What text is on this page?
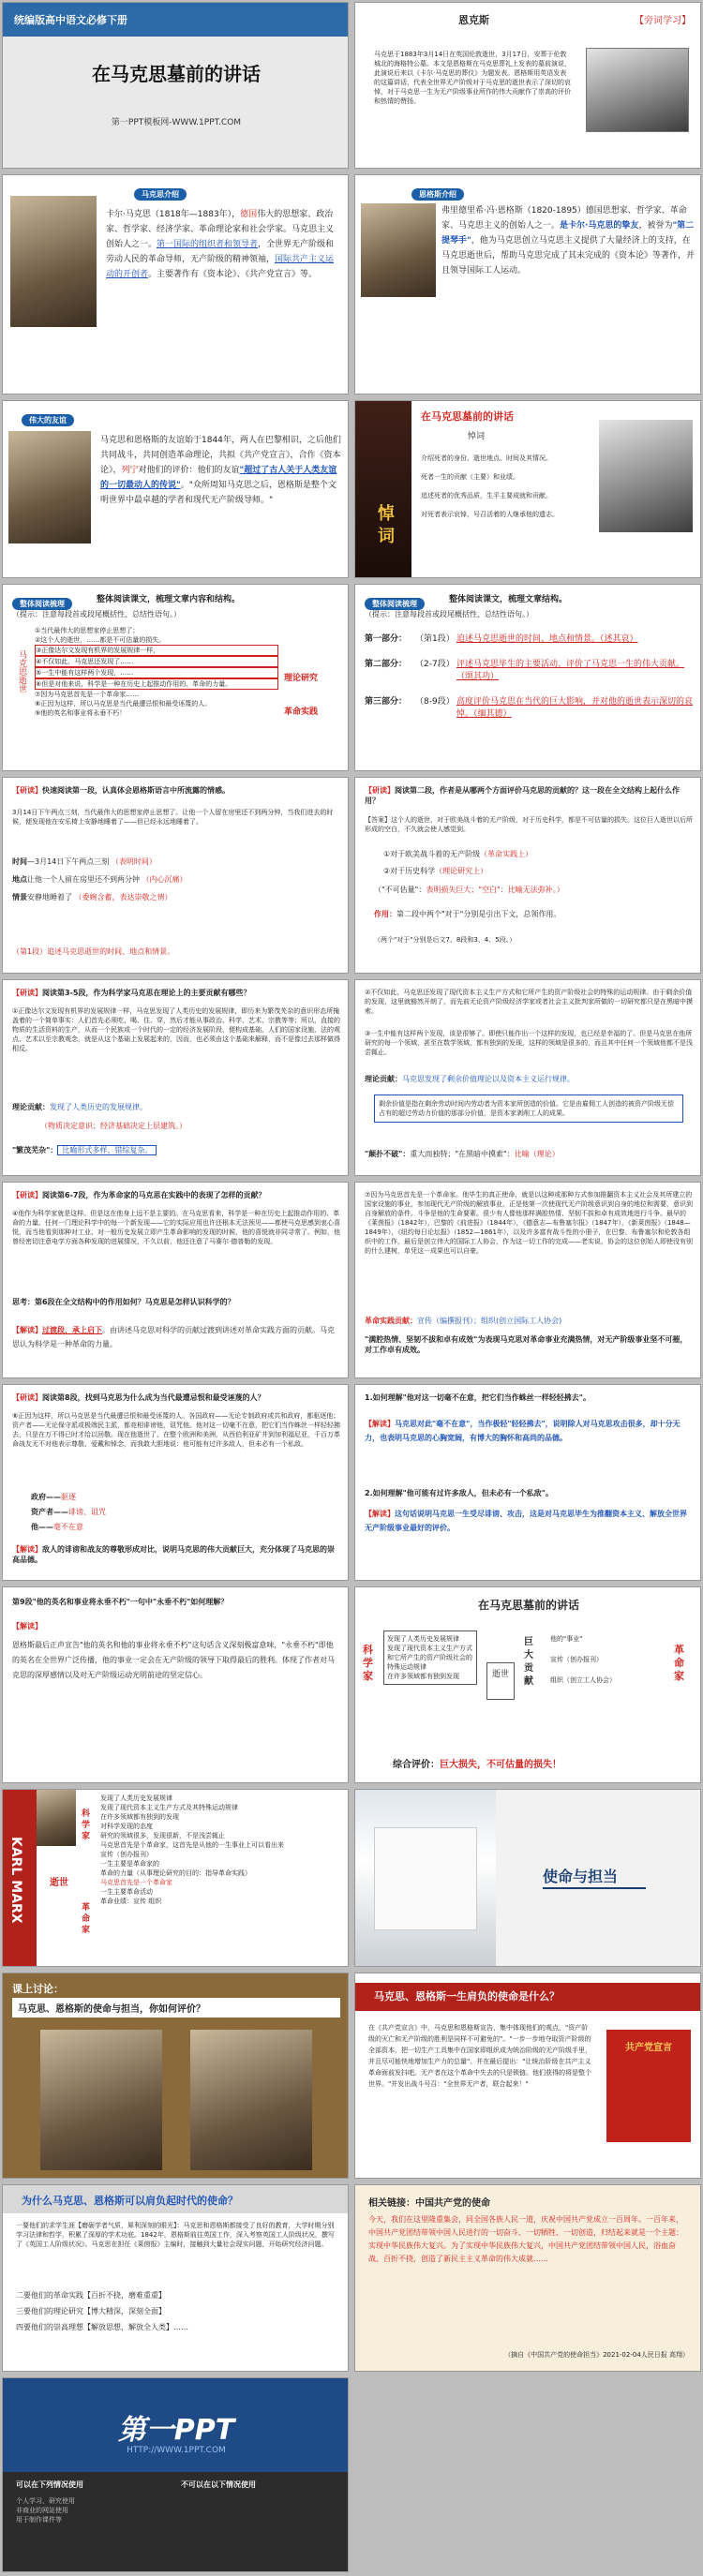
统编版高中语文必修下册
在马克思墓前的讲话
第一PPT模板网-WWW.1PPT.COM
恩克斯	【旁词学习】
马克思于1883年3月14日在英国伦敦逝世，3月17日，安葬于伦敦城北的海格特公墓。本文是恩格斯在马克思葬礼上发表的墓前演说，此演说后来以《卡尔·马克思的葬仪》为题发表。恩格斯用英语发表的这篇讲话，代表全世界无产阶级对于马克思的逝世表示了深切的哀悼，对于马克思一生为无产阶级事业所作的伟大贡献作了崇高的评价和热情的赞扬。
马克思介绍
卡尔·马克思（1818年—1883年），德国伟大的思想家、政治家、哲学家、经济学家、革命理论家和社会学家。马克思主义创始人之一。第一国际的组织者和领导者，全世界无产阶级和劳动人民的革命导师，无产阶级的精神领袖，国际共产主义运动的开创者。主要著作有《资本论》、《共产党宣言》等。
恩格斯介绍
弗里德里希·冯·恩格斯（1820-1895）德国思想家、哲学家、革命家、马克思主义的创始人之一。是卡尔·马克思的挚友，被誉为"第二提琴手"，他为马克思创立马克思主义提供了大量经济上的支持，在马克思逝世后，帮助马克思完成了其未完成的《资本论》等著作，并且领导国际工人运动。
伟大的友谊
马克思和恩格斯的友谊始于1844年，两人在巴黎相识，之后他们共同战斗，共同创造革命理论，共拟《共产党宣言》，合作《资本论》，列宁对他们的评价：他们的友谊"超过了古人关于人类友谊的一切最动人的传说"。"众所周知马克思之后，恩格斯是整个文明世界中最卓越的学者和现代无产阶级导师。"
悼 词
在马克思墓前的讲话
悼词
介绍死者的身份、逝世地点、时间及其情况。
死者一生的贡献（主要）和业绩。
追述死者的优秀品质，生平主要成就和贡献。
对死者表示哀悼，号召活着的人继承他的遗志。
整体阅读梳理	整体阅读课文，梳理文章内容和结构。
（提示：注意每段首或段尾概括性、总结性语句。）
马克思逝世
①当代最伟大的思想家停止思想了；
②这个人的逝世，……都是不可估量的损失。
③正像达尔文发现有机界的发展规律一样，
④不仅如此，马克思还发现了……
⑤一生中能有这样两个发现，……
⑥但是对他来说，科学是一种在历史上起推动作用的、革命的力量。
⑦因为马克思首先是一个革命家……
⑧正因为这样，所以马克思是当代最遭忌恨和最受诬蔑的人。
⑨他的英名和事业将永垂不朽！
理论研究
革命实践
整体阅读梳理	整体阅读课文，梳理文章结构。
（提示：注意每段首或段尾概括性、总结性语句。）
第一部分： （第1段） 追述马克思逝世的时间、地点和情景。（述其哀）
第二部分： （2-7段） 评述马克思毕生的主要活动、评价了马克思一生的伟大贡献。（颂其功）
第三部分： （8-9段） 高度评价马克思在当代的巨大影响，并对他的逝世表示深切的哀悼。（缅其德）
【研读】快速阅读第一段，认真体会恩格斯语言中所流露的情感。
3月14日下午两点三刻，当代最伟大的思想家停止思想了。让他一个人留在房里还不到两分钟，当我们进去的时候，便发现他在安乐椅上安静地睡着了——但已经永远地睡着了。
时间—3月14日下午两点三刻 （表明时间）
地点让他一个人留在房里还不到两分钟 （内心沉痛）
情景安静地睡着了 （委婉含蓄，表达崇敬之情）
（第1段）追述马克思逝世的时间、地点和情景。
【研读】阅读第二段，作者是从哪两个方面评价马克思的贡献的？这一段在全文结构上起什么作用？
【答案】这个人的逝世，对于欧美战斗着的无产阶级，对于历史科学，都是不可估量的损失。这位巨人逝世以后所形成的空白，不久就会使人感觉到。
①对于欧美战斗着的无产阶级（革命实践上）
②对于历史科学（理论研究上）
（"不可估量"：表明损失巨大；"空白"：比喻无法弥补。）
作用：第二段中两个"对于"分别是引出下文，总领作用。
（两个"对于"分别是后文7、8段和3、4、5段。）
【研读】阅读第3-5段，作为科学家马克思在理论上的主要贡献有哪些？
①正像达尔文发现有机界的发展规律一样，马克思发现了人类历史的发展规律，即历来为繁茂芜杂的意识形态所掩盖着的一个简单事实：人们首先必须吃、喝、住、穿，然后才能从事政治、科学、艺术、宗教等等；所以，直接的物质的生活资料的生产，从而一个民族或一个时代的一定的经济发展阶段，便构成基础，人们的国家设施、法的观点、艺术以至宗教观念，就是从这个基础上发展起来的，因而，也必须由这个基础来解释，而不是像过去那样做得相反。
理论贡献：发现了人类历史的发展规律。
（物质决定意识；经济基础决定上层建筑。）
"繁茂芜杂"： 比喻形式多样、错综复杂。
②不仅如此，马克思还发现了现代资本主义生产方式和它所产生的资产阶级社会的特殊的运动规律。由于剩余价值的发现，这里就豁然开朗了，而先前无论资产阶级经济学家或者社会主义批判家所做的一切研究都只是在黑暗中摸索。
③一生中能有这样两个发现，该是很够了。即使只能作出一个这样的发现，也已经是幸福的了。但是马克思在他所研究的每一个领域，甚至在数学领域，都有独到的发现，这样的领域是很多的，而且其中任何一个领域他都不是浅尝辄止。
理论贡献：马克思发现了剩余价值理论以及资本主义运行规律。
剩余价值是指在剩余劳动时间内劳动者为资本家所创造的价值。它是由雇佣工人创造的被资产阶级无偿占有的超过劳动力价值的那部分价值，是资本家剥削工人的成果。
"颠扑不破"：重大而独特；"在黑暗中摸索"：比喻（理论）
【研读】阅读第6-7段，作为革命家的马克思在实践中的表现了怎样的贡献？
④他作为科学家就是这样。但是这在他身上远不是主要的。在马克思看来，科学是一种在历史上起推动作用的、革命的力量。任何一门理论科学中的每一个新发现——它的实际应用也许还根本无法预见——都使马克思感到衷心喜悦，而当他看到那种对工业、对一般历史发展立即产生革命影响的发现的时候，他的喜悦就非同寻常了。例如，他曾经密切注意电学方面各种发现的进展情况，不久以前，他还注意了马赛尔·德普勒的发现。
思考：第6段在全文结构中的作用如何？马克思是怎样认识科学的？
【解读】过渡段，承上启下。由讲述马克思对科学的贡献过渡到讲述对革命实践方面的贡献。马克思认为科学是一种革命的力量。
⑦因为马克思首先是一个革命家。他毕生的真正使命，就是以这种或那种方式参加推翻资本主义社会及其所建立的国家设施的事业，参加现代无产阶级的解放事业，正是他第一次使现代无产阶级意识到自身的地位和需要，意识到自身解放的条件。斗争是他的生命要素。很少有人像他那样满腔热情、坚韧不拔和卓有成效地进行斗争。最早的《莱茵报》（1842年），巴黎的《前进报》（1844年），《德意志—布鲁塞尔报》（1847年），《新莱茵报》（1848—1849年），《纽约每日论坛报》（1852—1861年），以及许多富有战斗性的小册子，在巴黎、布鲁塞尔和伦敦各组织中的工作，最后是创立伟大的国际工人协会，作为这一切工作的完成——老实说，协会的这位创始人即使没有别的什么建树，单凭这一成果也可以自豪。
革命实践贡献：宣传（编撰报刊）；组织(创立国际工人协会)
"满腔热情、坚韧不拔和卓有成效"为表现马克思对革命事业充满热情，对无产阶级事业坚不可摧，对工作卓有成效。
【研读】阅读第8段，找到马克思为什么成为当代最遭忌恨和最受诬蔑的人？
⑧正因为这样，所以马克思是当代最遭忌恨和最受诬蔑的人。各国政府——无论专制政府或共和政府，都驱逐他；资产者——无论保守派或极端民主派，都竞相诽谤他，诅咒他。他对这一切毫不在意，把它们当作蛛丝一样轻轻拂去，只是在万不得已时才给以回敬。现在他逝世了，在整个欧洲和美洲，从西伯利亚矿井到加利福尼亚，千百万革命战友无不对他表示尊敬、爱戴和悼念，而我敢大胆地说：他可能有过许多敌人，但未必有一个私敌。
政府——驱逐
资产者——诽谤、诅咒
他——毫不在意
【解读】敌人的诽谤和战友的尊敬形成对比，说明马克思的伟大贡献巨大，充分体现了马克思的崇高品德。
1.如何理解"他对这一切毫不在意，把它们当作蛛丝一样轻轻拂去"。
【解读】马克思对此"毫不在意"，当作极轻"轻轻拂去"，说明除人对马克思攻击很多，却十分无力，也表明马克思的心胸宽阔，有博大的胸怀和高尚的品德。
2.如何理解"他可能有过许多敌人，但未必有一个私敌"。
【解读】这句话说明马克思一生受尽诽谤、攻击，这是对马克思毕生为推翻资本主义、解放全世界无产阶级事业最好的评价。
第9段"他的英名和事业将永垂不朽"一句中"永垂不朽"如何理解？
【解读】
恩格斯最后正声宣告"他的英名和他的事业将永垂不朽"这句话含义深刻极富意味，"永垂不朽"即他的英名在全世界广泛传播，他的事业一定会在无产阶级的领导下取得最后的胜利。体现了作者对马克思的深厚感情以及对无产阶级运动光明前途的坚定信心。
在马克思墓前的讲话
科学家
发现了人类历史发展规律
发现了现代资本主义生产方式和它所产生的资产阶级社会的特殊运动规律
在许多领域都有独到发现	逝世
巨大贡献
他的"事业"
宣传（创办报刊）
组织（创立工人协会）
革命家
综合评价：巨大损失，不可估量的损失！
KARL MARX
科学家
革命家
逝世
发现了人类历史发展规律
发现了现代资本主义生产方式及其特殊运动规律
在许多领域都有独到的发现
对科学发现的态度
研究的领域很多，发现很新，不是浅尝辄止
马克思首先是个革命家，这首先是从他的一生事业上可以看出来
宣传（创办报刊）
一生主要是革命家的
革命的力量（从事理论研究的目的：指导革命实践）
马克思首先是一个革命家
一生主要革命活动
革命业绩：宣传 组织
使命与担当
课上讨论：
马克思、恩格斯的使命与担当，你如何评价？
马克思、恩格斯一生肩负的使命是什么？
在《共产党宣言》中，马克思和恩格斯宣告，集中体现他们的观点，"资产阶级的灭亡和无产阶级的胜利是同样不可避免的"。"一步一步地夺取资产阶级的全部资本，把一切生产工具集中在国家即组织成为统治阶级的无产阶级手里，并且尽可能快地增加生产力的总量"。并在最后提出："让统治阶级在共产主义革命面前发抖吧。无产者在这个革命中失去的只是锁链。他们获得的将是整个世界。"并发出战斗号召："全世界无产者，联合起来！"
共产党宣言
为什么马克思、恩格斯可以肩负起时代的使命？
一要他们的求学生涯【磨砺学者气质，犀利深刻的眼光】：马克思和恩格斯都接受了良好的教育，大学时期分别学习法律和哲学，积累了深厚的学术功底。1842年，恩格斯前往英国工作，深入考察英国工人阶级状况，撰写了《英国工人阶级状况》。马克思在担任《莱茵报》主编时，接触到大量社会现实问题，开始研究经济问题。
二要他们的革命实践【百折不挠，磨难重重】
三要他们的理论研究【博大精深，深刻全面】
四要他们的崇高理想【解放思想，解放全人类】……
相关链接：中国共产党的使命
今天，我们在这里隆重集会，同全国各族人民一道，庆祝中国共产党成立一百周年。一百年来，中国共产党团结带领中国人民进行的一切奋斗、一切牺牲、一切创造，归结起来就是一个主题：实现中华民族伟大复兴。为了实现中华民族伟大复兴，中国共产党团结带领中国人民，浴血奋战、百折不挠，创造了新民主主义革命的伟大成就……
（摘自《中国共产党的使命担当》2021-02-04人民日报 高翔）
第一PPT
HTTP://WWW.1PPT.COM
可以在下列情况使用	不可以在以下情况使用
个人学习、研究使用
非商业的网站使用
用于制作课件等
